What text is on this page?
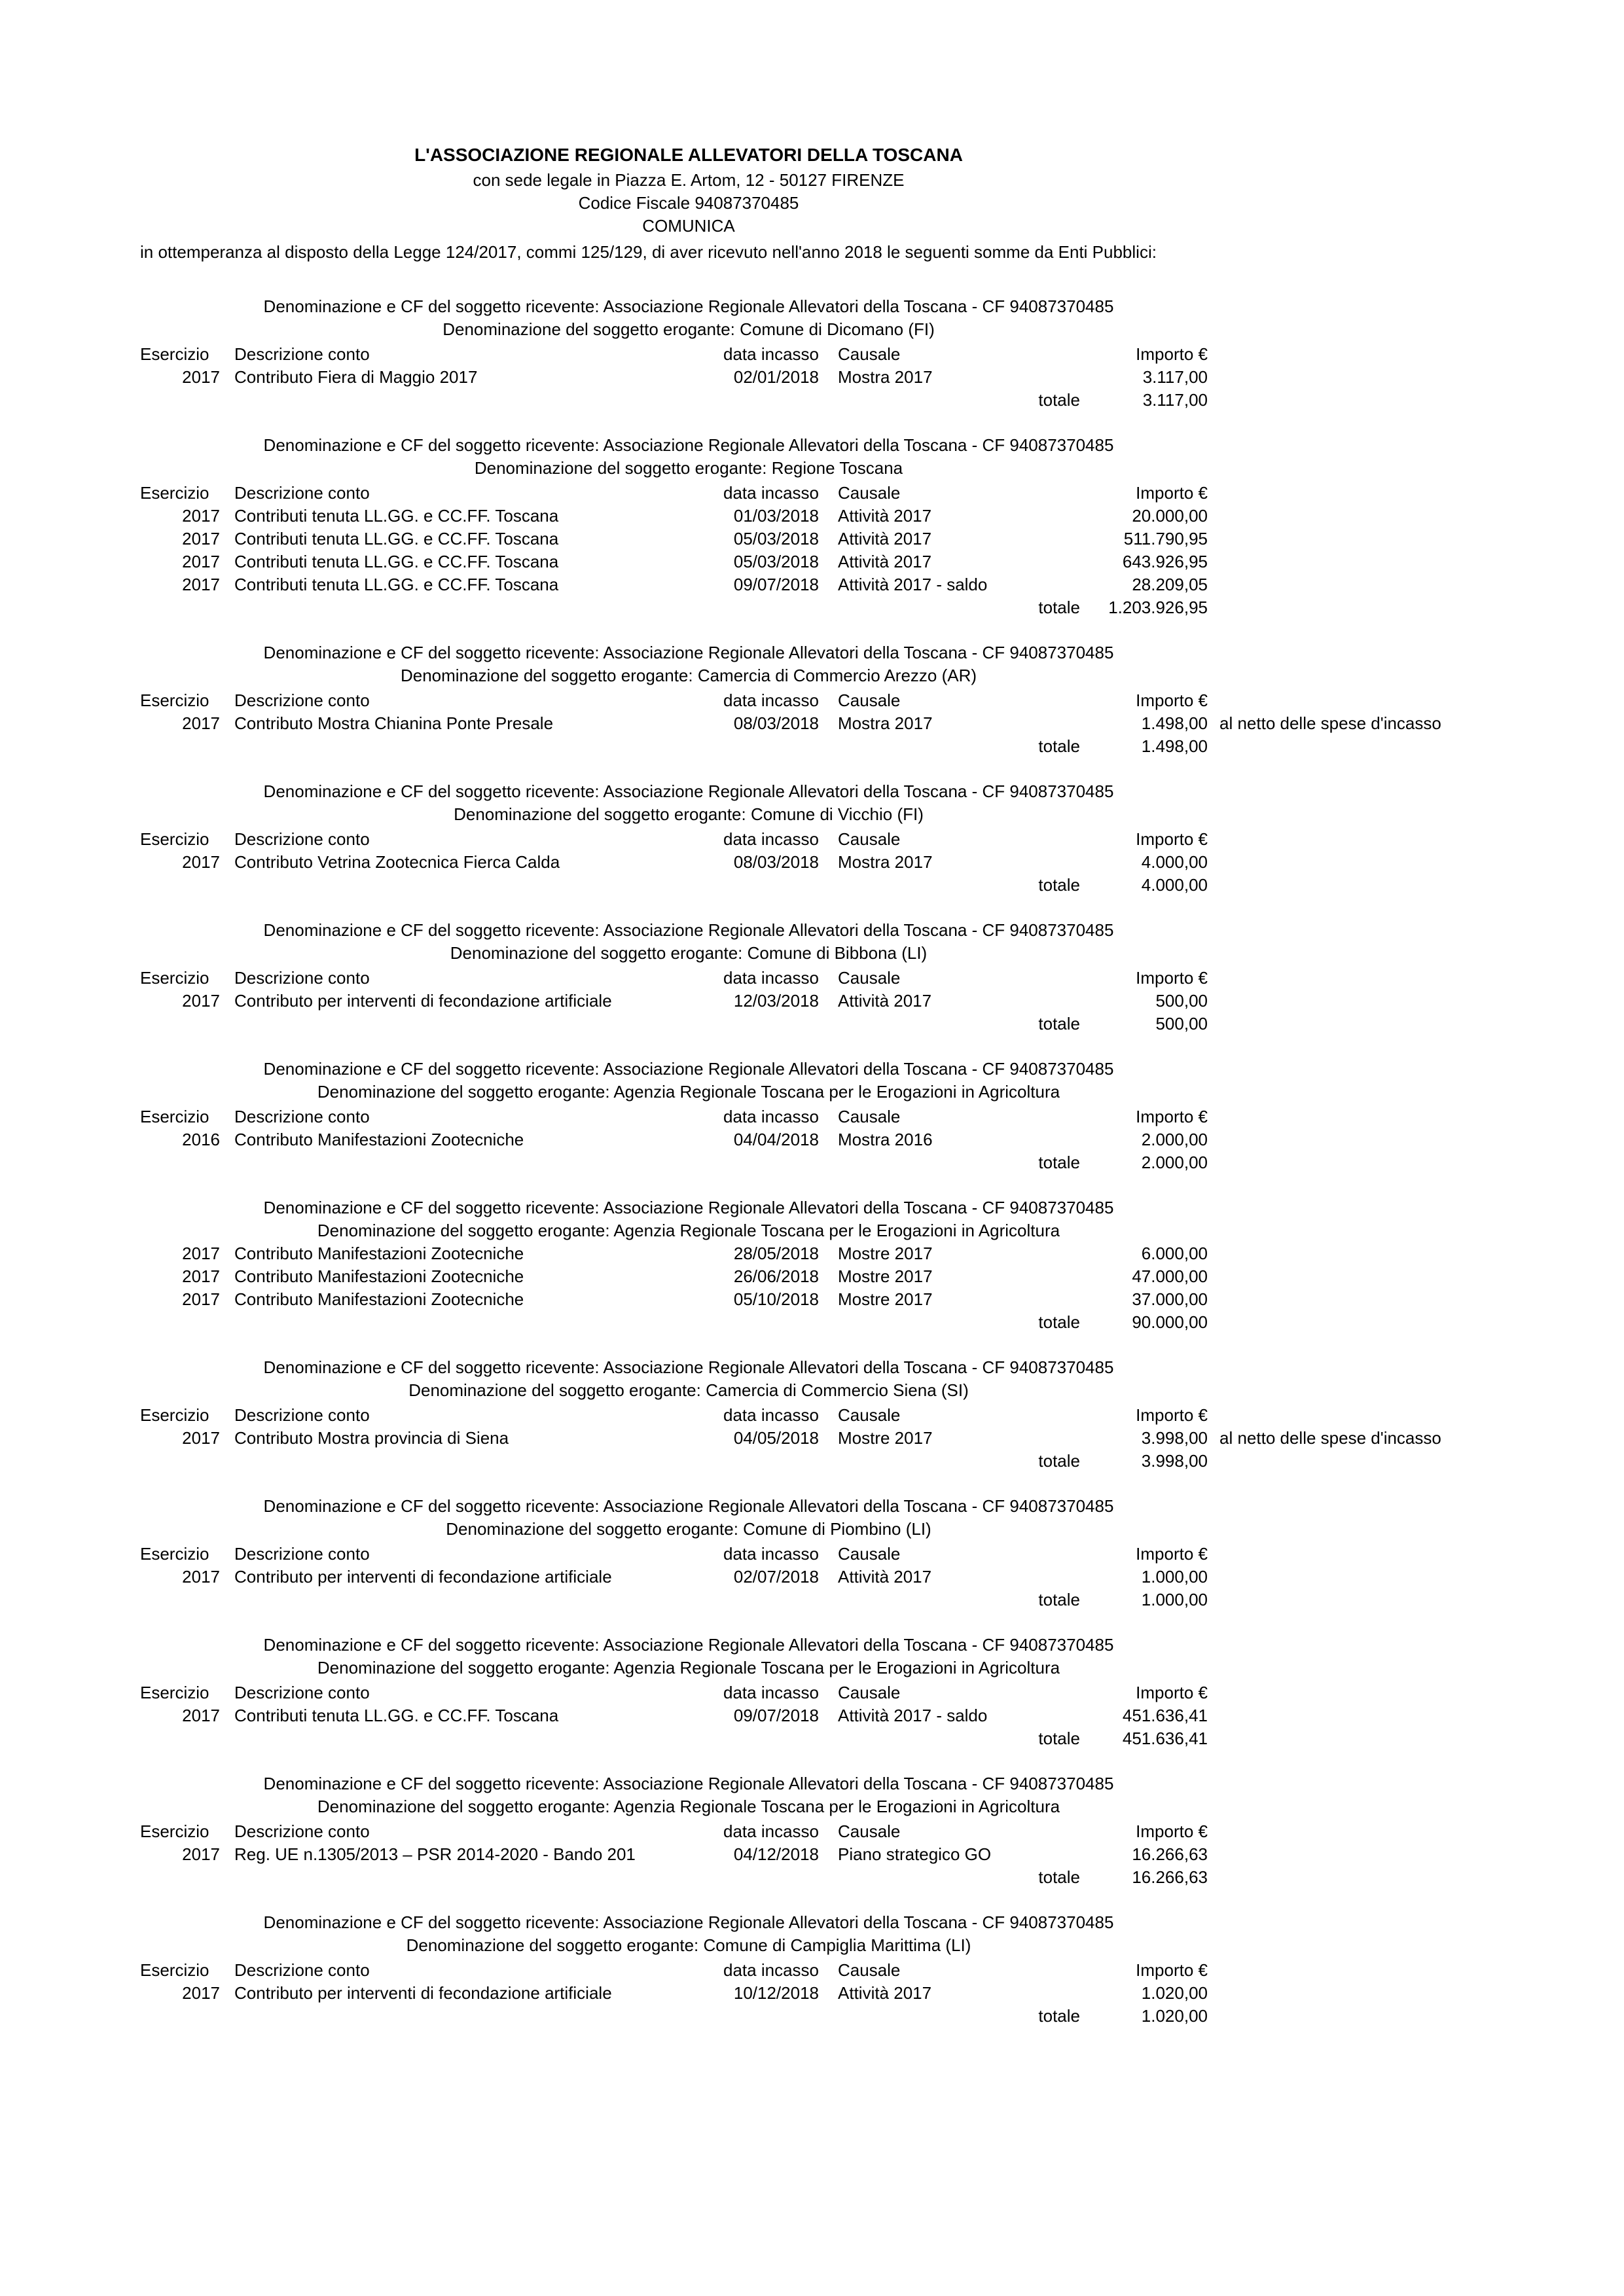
L'ASSOCIAZIONE REGIONALE ALLEVATORI DELLA TOSCANA
con sede legale in Piazza E. Artom, 12 - 50127 FIRENZE
Codice Fiscale 94087370485
COMUNICA
in ottemperanza al disposto della Legge 124/2017, commi 125/129, di aver ricevuto nell'anno 2018 le seguenti somme da Enti Pubblici:
Denominazione e CF del soggetto ricevente: Associazione Regionale Allevatori della Toscana - CF 94087370485
Denominazione del soggetto erogante: Comune di Dicomano (FI)
Esercizio	Descrizione conto	data incasso	Causale	Importo €
2017 Contributo Fiera di Maggio 2017	02/01/2018	Mostra 2017	3.117,00
totale	3.117,00
Denominazione e CF del soggetto ricevente: Associazione Regionale Allevatori della Toscana - CF 94087370485
Denominazione del soggetto erogante: Regione Toscana
Esercizio	Descrizione conto	data incasso	Causale	Importo €
2017 Contributi tenuta LL.GG. e CC.FF. Toscana	01/03/2018	Attività 2017	20.000,00
2017 Contributi tenuta LL.GG. e CC.FF. Toscana	05/03/2018	Attività 2017	511.790,95
2017 Contributi tenuta LL.GG. e CC.FF. Toscana	05/03/2018	Attività 2017	643.926,95
2017 Contributi tenuta LL.GG. e CC.FF. Toscana	09/07/2018	Attività 2017 - saldo	28.209,05
totale	1.203.926,95
Denominazione e CF del soggetto ricevente: Associazione Regionale Allevatori della Toscana - CF 94087370485
Denominazione del soggetto erogante: Camercia di Commercio Arezzo (AR)
Esercizio	Descrizione conto	data incasso	Causale	Importo €
2017 Contributo Mostra Chianina Ponte Presale	08/03/2018	Mostra 2017	1.498,00 al netto delle spese d'incasso
totale	1.498,00
Denominazione e CF del soggetto ricevente: Associazione Regionale Allevatori della Toscana - CF 94087370485
Denominazione del soggetto erogante: Comune di Vicchio (FI)
Esercizio	Descrizione conto	data incasso	Causale	Importo €
2017 Contributo Vetrina Zootecnica Fierca Calda	08/03/2018	Mostra 2017	4.000,00
totale	4.000,00
Denominazione e CF del soggetto ricevente: Associazione Regionale Allevatori della Toscana - CF 94087370485
Denominazione del soggetto erogante: Comune di Bibbona (LI)
Esercizio	Descrizione conto	data incasso	Causale	Importo €
2017 Contributo per interventi di fecondazione artificiale	12/03/2018	Attività 2017	500,00
totale	500,00
Denominazione e CF del soggetto ricevente: Associazione Regionale Allevatori della Toscana - CF 94087370485
Denominazione del soggetto erogante: Agenzia Regionale Toscana per le Erogazioni in Agricoltura
Esercizio	Descrizione conto	data incasso	Causale	Importo €
2016 Contributo Manifestazioni Zootecniche	04/04/2018	Mostra 2016	2.000,00
totale	2.000,00
Denominazione e CF del soggetto ricevente: Associazione Regionale Allevatori della Toscana - CF 94087370485
Denominazione del soggetto erogante: Agenzia Regionale Toscana per le Erogazioni in Agricoltura
2017 Contributo Manifestazioni Zootecniche	28/05/2018	Mostre 2017	6.000,00
2017 Contributo Manifestazioni Zootecniche	26/06/2018	Mostre 2017	47.000,00
2017 Contributo Manifestazioni Zootecniche	05/10/2018	Mostre 2017	37.000,00
totale	90.000,00
Denominazione e CF del soggetto ricevente: Associazione Regionale Allevatori della Toscana - CF 94087370485
Denominazione del soggetto erogante: Camercia di Commercio Siena (SI)
Esercizio	Descrizione conto	data incasso	Causale	Importo €
2017 Contributo Mostra provincia di Siena	04/05/2018	Mostre 2017	3.998,00 al netto delle spese d'incasso
totale	3.998,00
Denominazione e CF del soggetto ricevente: Associazione Regionale Allevatori della Toscana - CF 94087370485
Denominazione del soggetto erogante: Comune di Piombino (LI)
Esercizio	Descrizione conto	data incasso	Causale	Importo €
2017 Contributo per interventi di fecondazione artificiale	02/07/2018	Attività 2017	1.000,00
totale	1.000,00
Denominazione e CF del soggetto ricevente: Associazione Regionale Allevatori della Toscana - CF 94087370485
Denominazione del soggetto erogante: Agenzia Regionale Toscana per le Erogazioni in Agricoltura
Esercizio	Descrizione conto	data incasso	Causale	Importo €
2017 Contributi tenuta LL.GG. e CC.FF. Toscana	09/07/2018	Attività 2017 - saldo	451.636,41
totale	451.636,41
Denominazione e CF del soggetto ricevente: Associazione Regionale Allevatori della Toscana - CF 94087370485
Denominazione del soggetto erogante: Agenzia Regionale Toscana per le Erogazioni in Agricoltura
Esercizio	Descrizione conto	data incasso	Causale	Importo €
2017 Reg. UE n.1305/2013 – PSR 2014-2020 - Bando 201	04/12/2018	Piano strategico GO	16.266,63
totale	16.266,63
Denominazione e CF del soggetto ricevente: Associazione Regionale Allevatori della Toscana - CF 94087370485
Denominazione del soggetto erogante: Comune di Campiglia Marittima (LI)
Esercizio	Descrizione conto	data incasso	Causale	Importo €
2017 Contributo per interventi di fecondazione artificiale	10/12/2018	Attività 2017	1.020,00
totale	1.020,00
